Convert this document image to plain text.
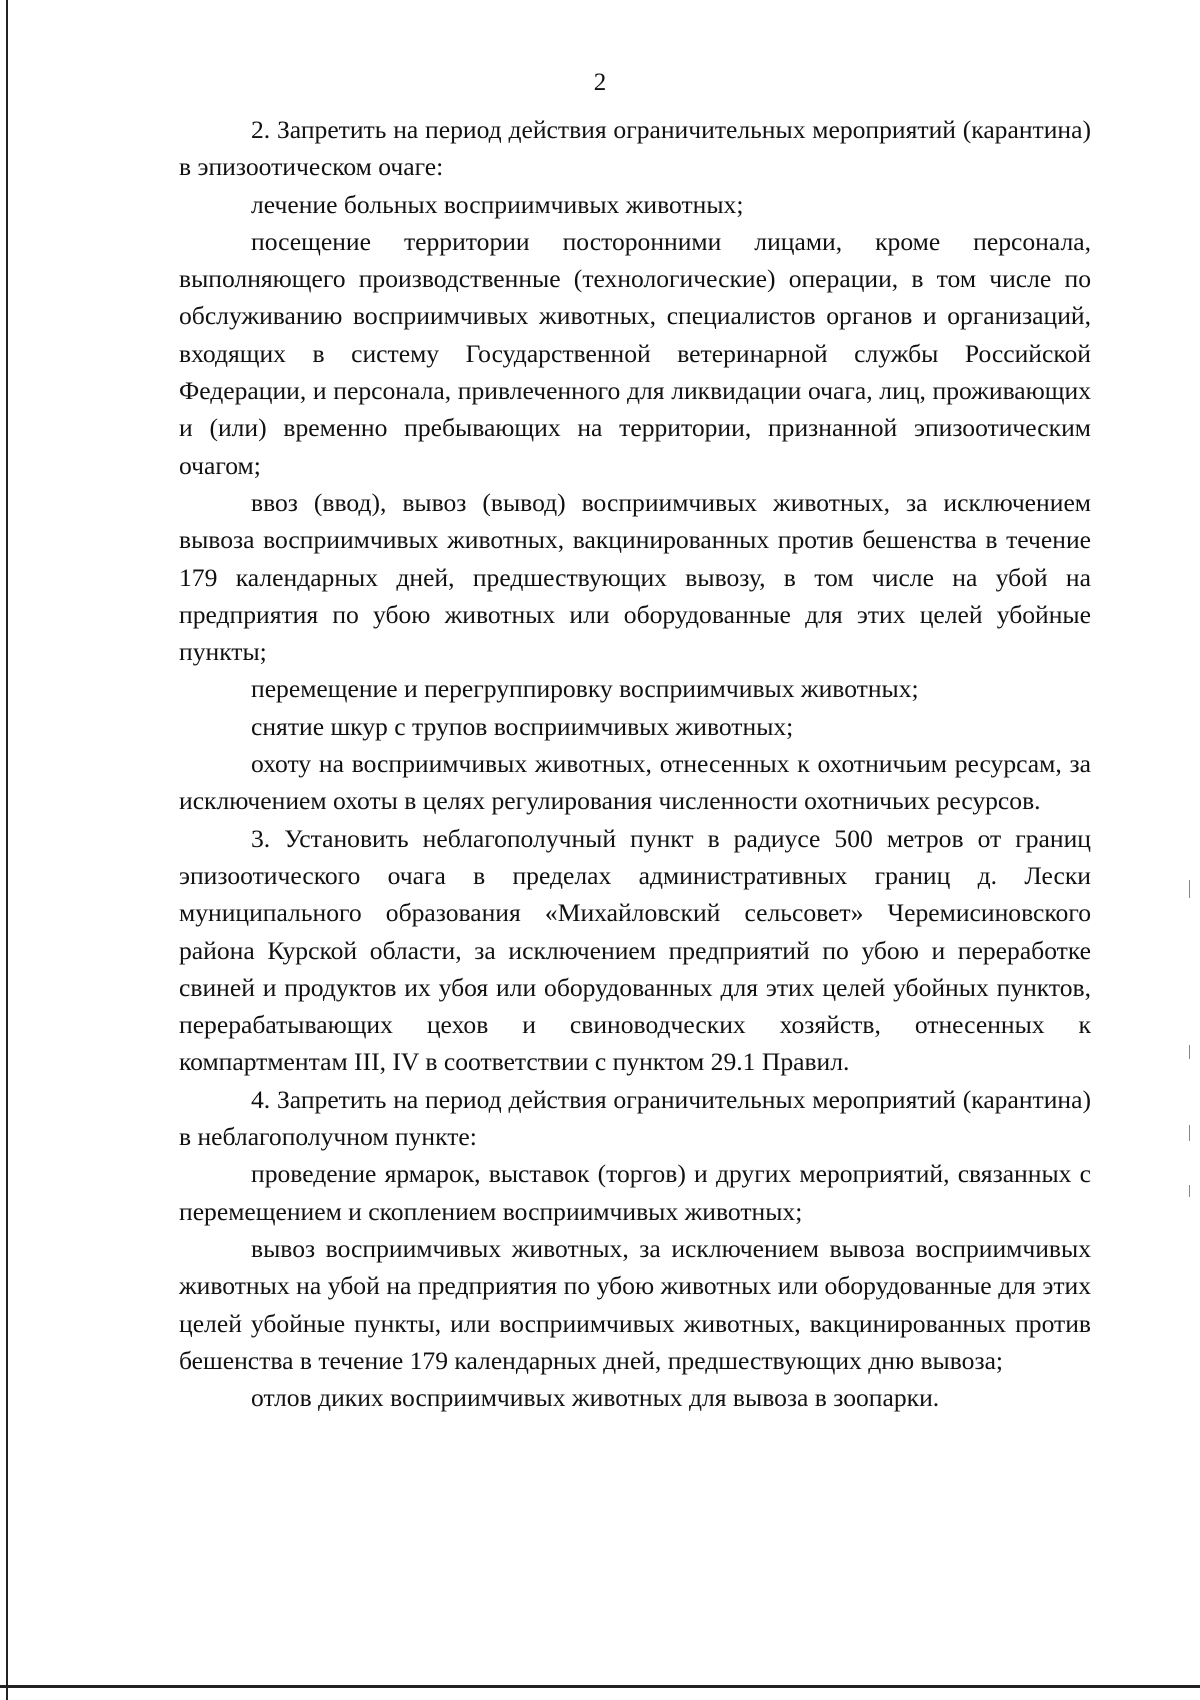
2

2. Запретить на период действия ограничительных мероприятий (карантина) в эпизоотическом очаге:

лечение больных восприимчивых животных;

посещение территории посторонними лицами, кроме персонала, выполняющего производственные (технологические) операции, в том числе по обслуживанию восприимчивых животных, специалистов органов и организаций, входящих в систему Государственной ветеринарной службы Российской Федерации, и персонала, привлеченного для ликвидации очага, лиц, проживающих и (или) временно пребывающих на территории, признанной эпизоотическим очагом;

ввоз (ввод), вывоз (вывод) восприимчивых животных, за исключением вывоза восприимчивых животных, вакцинированных против бешенства в течение 179 календарных дней, предшествующих вывозу, в том числе на убой на предприятия по убою животных или оборудованные для этих целей убойные пункты;

перемещение и перегруппировку восприимчивых животных;

снятие шкур с трупов восприимчивых животных;

охоту на восприимчивых животных, отнесенных к охотничьим ресурсам, за исключением охоты в целях регулирования численности охотничьих ресурсов.

3. Установить неблагополучный пункт в радиусе 500 метров от границ эпизоотического очага в пределах административных границ д. Лески муниципального образования «Михайловский сельсовет» Черемисиновского района Курской области, за исключением предприятий по убою и переработке свиней и продуктов их убоя или оборудованных для этих целей убойных пунктов, перерабатывающих цехов и свиноводческих хозяйств, отнесенных к компартментам III, IV в соответствии с пунктом 29.1 Правил.

4. Запретить на период действия ограничительных мероприятий (карантина) в неблагополучном пункте:

проведение ярмарок, выставок (торгов) и других мероприятий, связанных с перемещением и скоплением восприимчивых животных;

вывоз восприимчивых животных, за исключением вывоза восприимчивых животных на убой на предприятия по убою животных или оборудованные для этих целей убойные пункты, или восприимчивых животных, вакцинированных против бешенства в течение 179 календарных дней, предшествующих дню вывоза;

отлов диких восприимчивых животных для вывоза в зоопарки.
